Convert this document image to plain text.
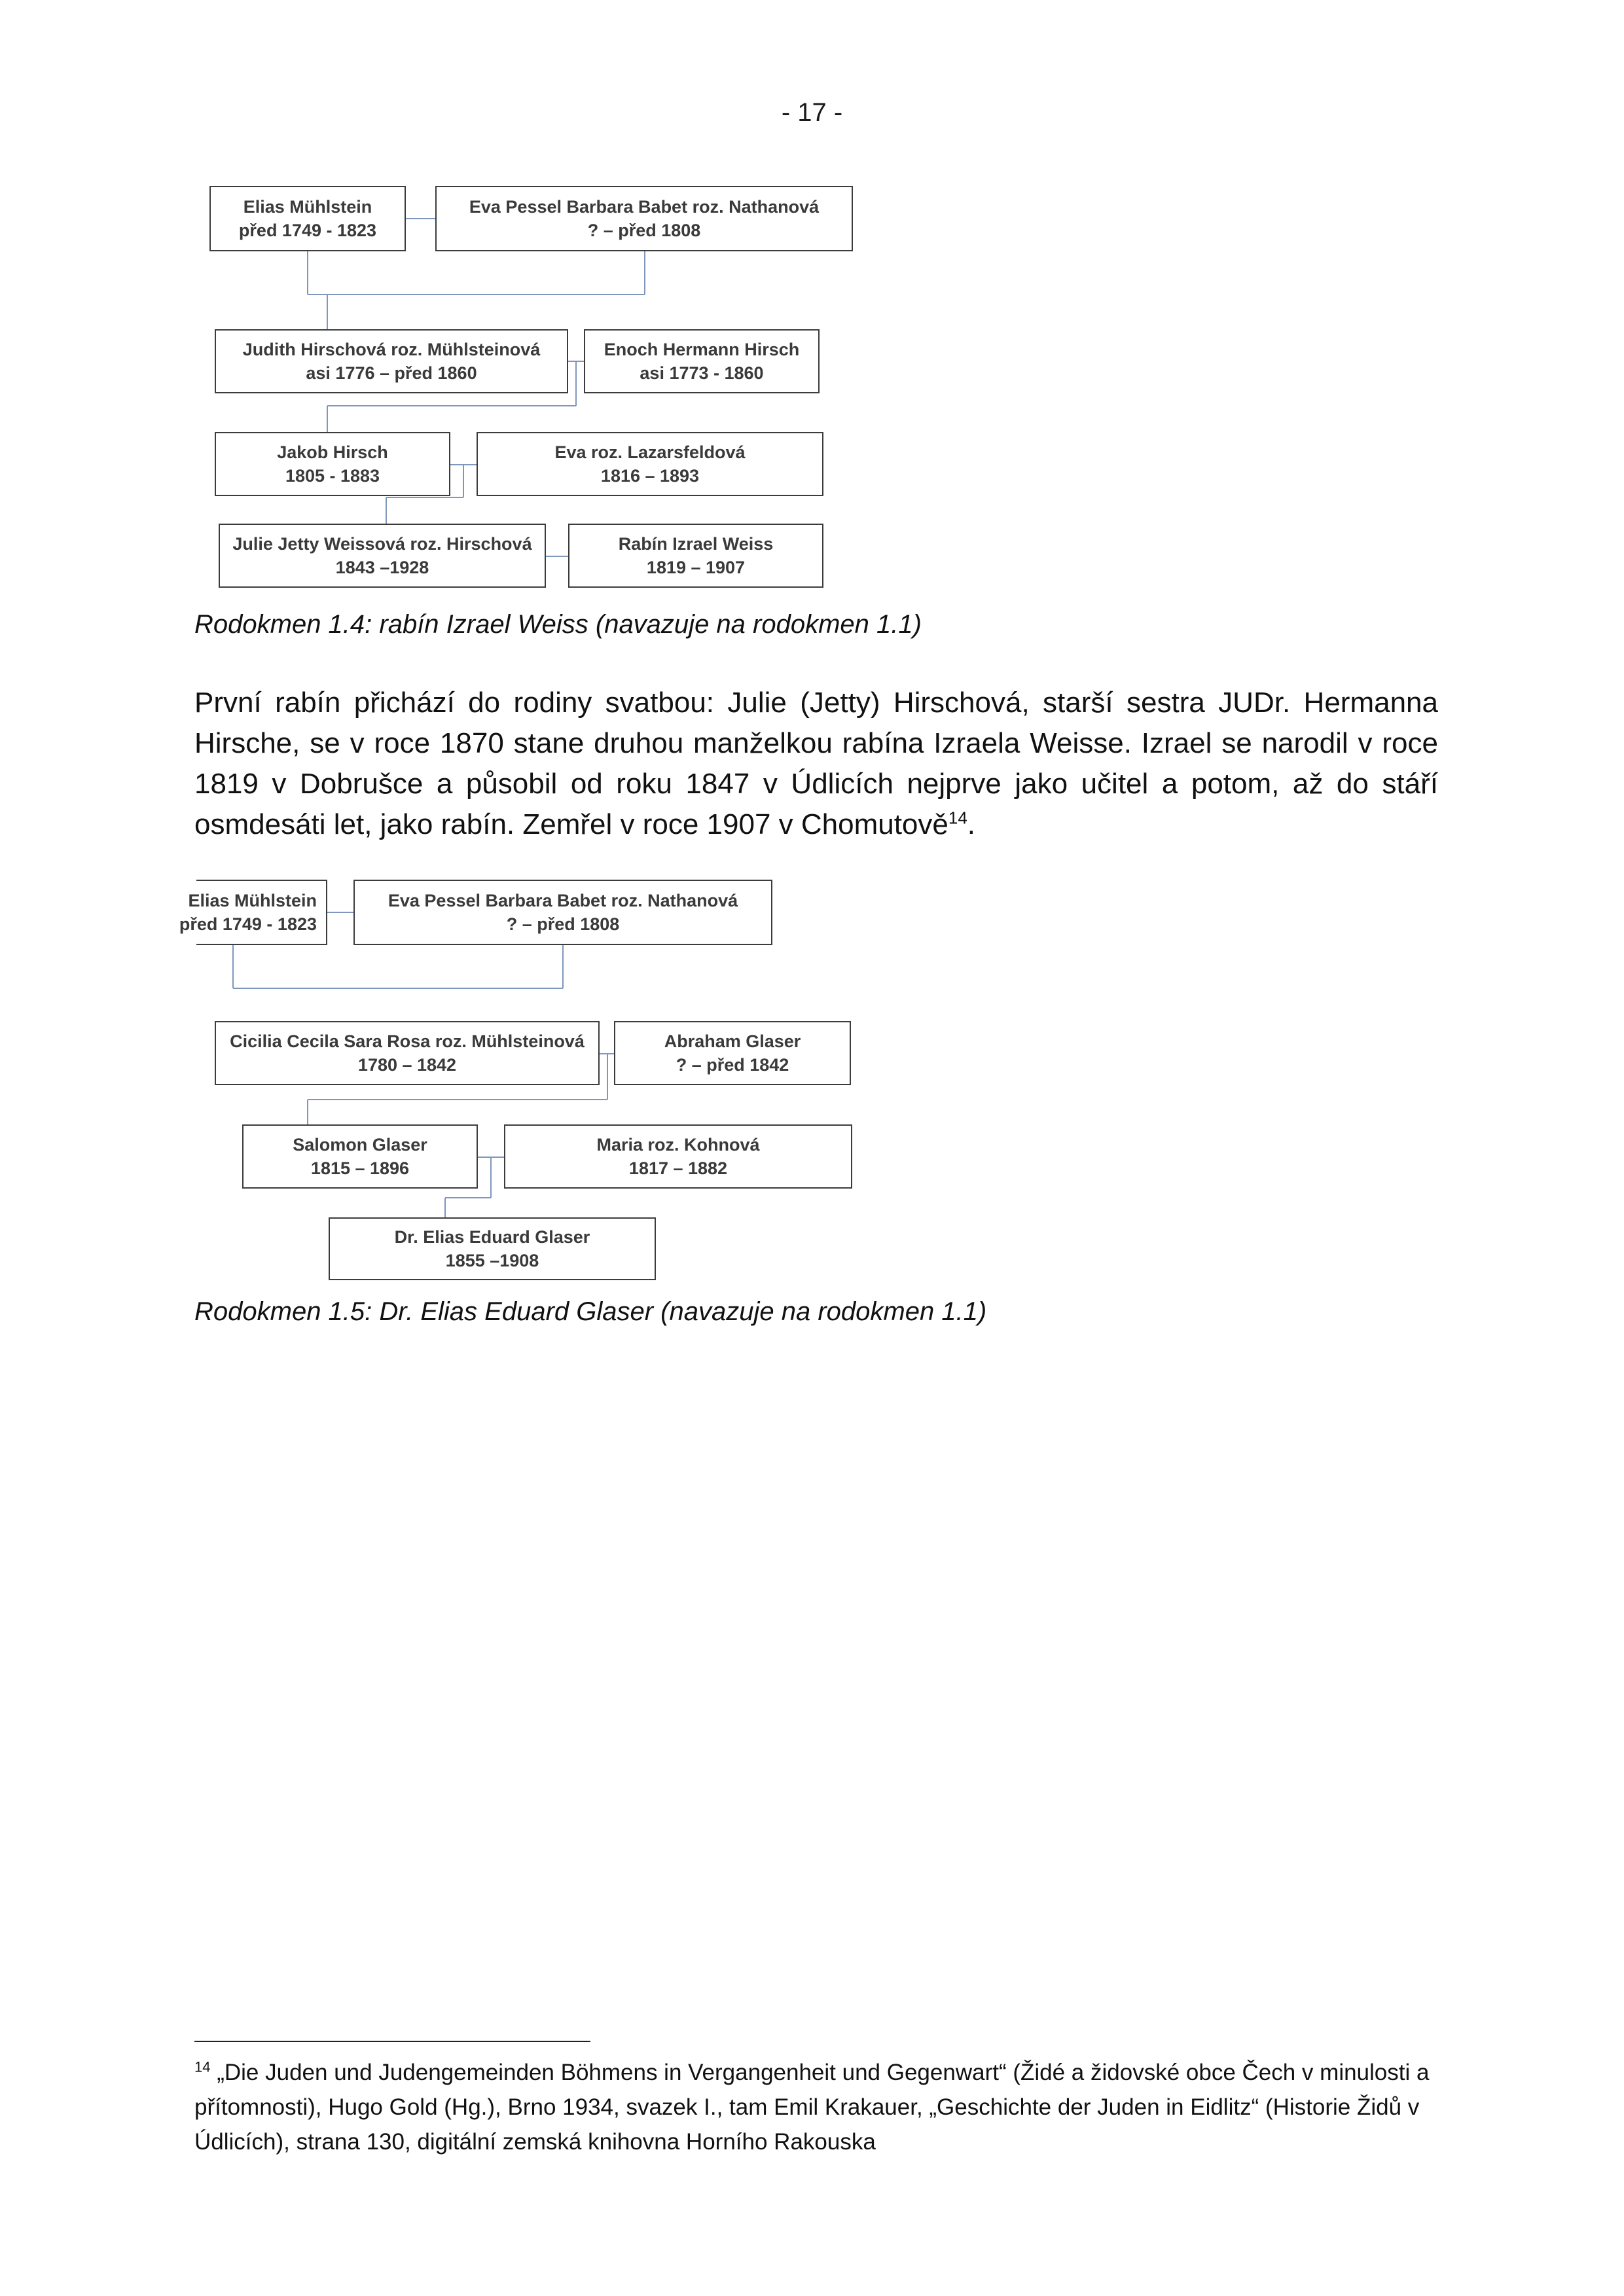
- 17 -
Elias Mühlstein
před 1749 - 1823
Eva Pessel Barbara Babet roz. Nathanová
? – před 1808
Judith Hirschová roz. Mühlsteinová
asi 1776 – před 1860
Enoch Hermann Hirsch
asi 1773 - 1860
Jakob Hirsch
1805 - 1883
Eva roz. Lazarsfeldová
1816 – 1893
Julie Jetty Weissová roz. Hirschová
1843 –1928
Rabín Izrael Weiss
1819 – 1907
Rodokmen 1.4: rabín Izrael Weiss (navazuje na rodokmen 1.1)

První rabín přichází do rodiny svatbou: Julie (Jetty) Hirschová, starší sestra JUDr. Hermanna Hirsche, se v roce 1870 stane druhou manželkou rabína Izraela Weisse. Izrael se narodil v roce 1819 v Dobrušce a působil od roku 1847 v Údlicích nejprve jako učitel a potom, až do stáří osmdesáti let, jako rabín. Zemřel v roce 1907 v Chomutově$^{14}$.

Elias Mühlstein
před 1749 - 1823
Eva Pessel Barbara Babet roz. Nathanová
? – před 1808
Cicilia Cecila Sara Rosa roz. Mühlsteinová
1780 – 1842
Abraham Glaser
? – před 1842
Salomon Glaser
1815 – 1896
Maria roz. Kohnová
1817 – 1882
Dr. Elias Eduard Glaser
1855 –1908
Rodokmen 1.5: Dr. Elias Eduard Glaser (navazuje na rodokmen 1.1)

$^{14}$ „Die Juden und Judengemeinden Böhmens in Vergangenheit und Gegenwart“ (Židé a židovské obce Čech v minulosti a přítomnosti), Hugo Gold (Hg.), Brno 1934, svazek I., tam Emil Krakauer, „Geschichte der Juden in Eidlitz“ (Historie Židů v Údlicích), strana 130, digitální zemská knihovna Horního Rakouska
